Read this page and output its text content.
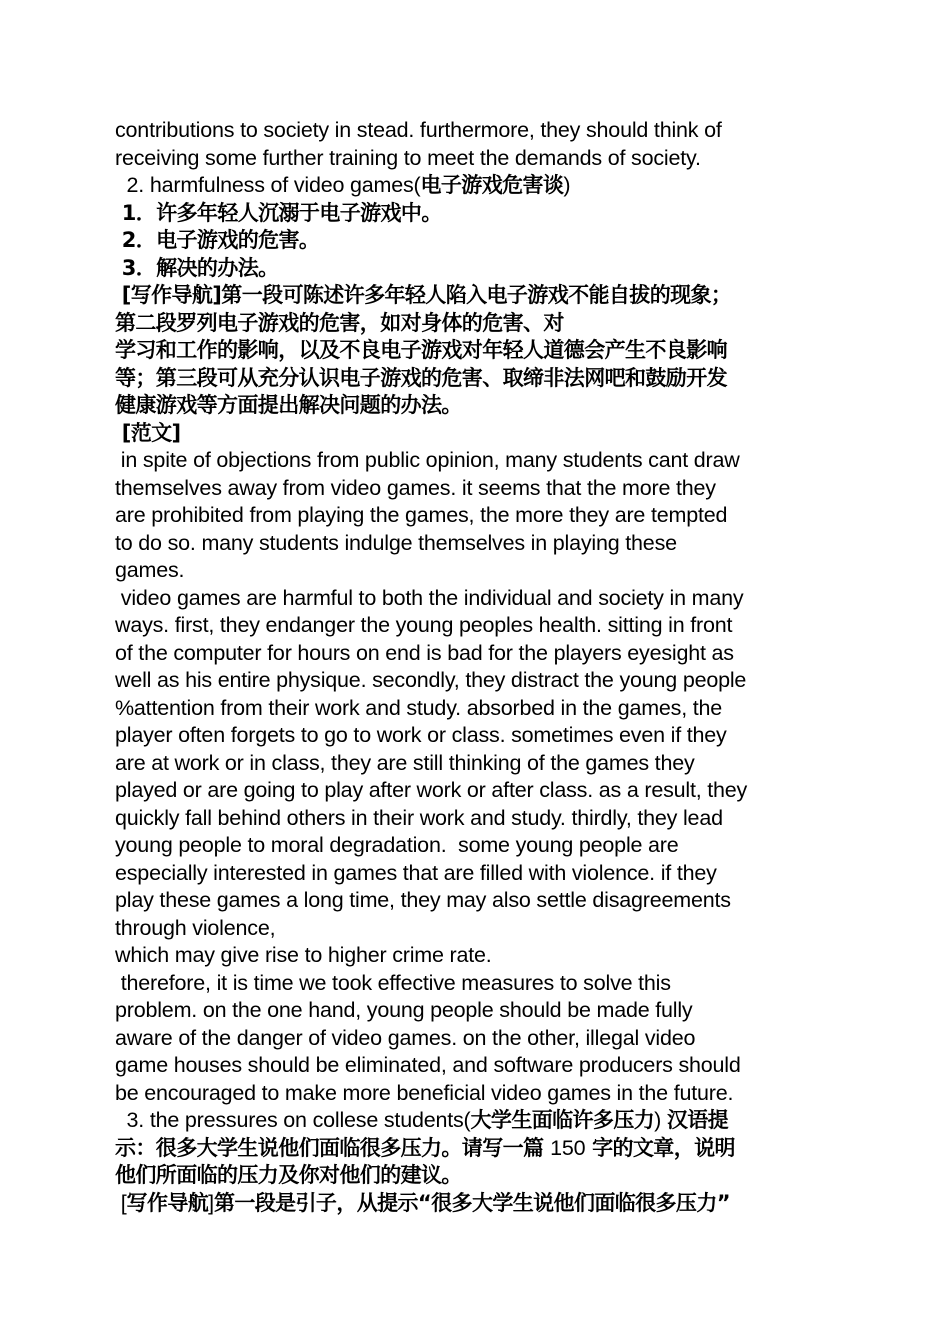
contributions to society in stead. furthermore, they should think of
receiving some further training to meet the demands of society.
2. harmfulness of video games(电子游戏危害谈)
1．许多年轻人沉溺于电子游戏中。
2．电子游戏的危害。
3．解决的办法。
[写作导航]第一段可陈述许多年轻人陷入电子游戏不能自拔的现象；
第二段罗列电子游戏的危害，如对身体的危害、对
学习和工作的影响，以及不良电子游戏对年轻人道德会产生不良影响
等；第三段可从充分认识电子游戏的危害、取缔非法网吧和鼓励开发
健康游戏等方面提出解决问题的办法。
[范文]
in spite of objections from public opinion, many students cant draw
themselves away from video games. it seems that the more they
are prohibited from playing the games, the more they are tempted
to do so. many students indulge themselves in playing these
games.
video games are harmful to both the individual and society in many
ways. first, they endanger the young peoples health. sitting in front
of the computer for hours on end is bad for the players eyesight as
well as his entire physique. secondly, they distract the young people
%attention from their work and study. absorbed in the games, the
player often forgets to go to work or class. sometimes even if they
are at work or in class, they are still thinking of the games they
played or are going to play after work or after class. as a result, they
quickly fall behind others in their work and study. thirdly, they lead
young people to moral degradation.  some young people are
especially interested in games that are filled with violence. if they
play these games a long time, they may also settle disagreements
through violence,
which may give rise to higher crime rate.
therefore, it is time we took effective measures to solve this
problem. on the one hand, young people should be made fully
aware of the danger of video games. on the other, illegal video
game houses should be eliminated, and software producers should
be encouraged to make more beneficial video games in the future.
3. the pressures on collese students(大学生面临许多压力) 汉语提
示：很多大学生说他们面临很多压力。请写一篇 150 字的文章，说明
他们所面临的压力及你对他们的建议。
[写作导航]第一段是引子，从提示“很多大学生说他们面临很多压力”
